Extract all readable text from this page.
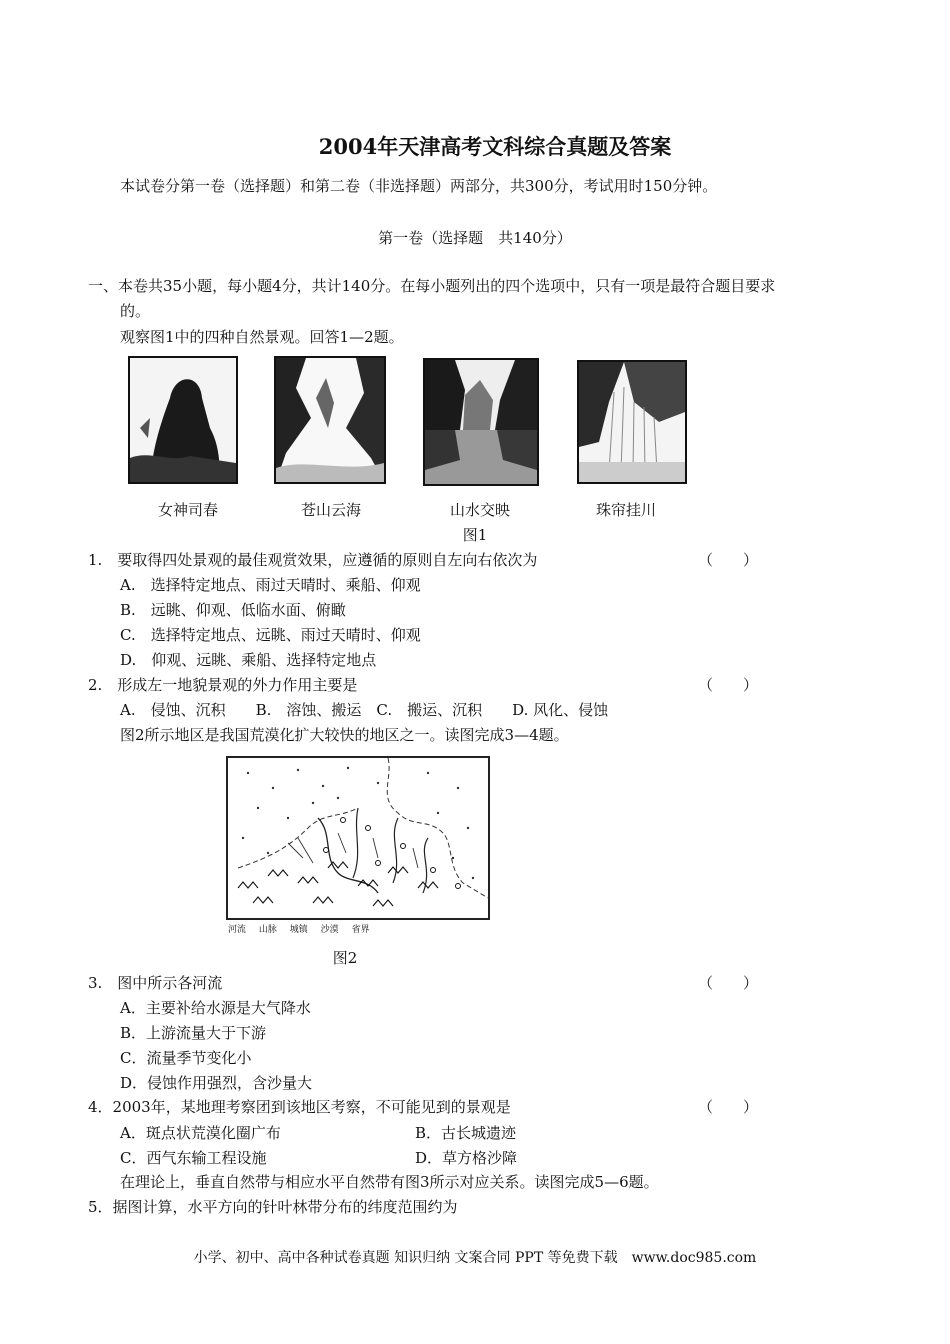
2004年天津高考文科综合真题及答案
本试卷分第一卷（选择题）和第二卷（非选择题）两部分，共300分，考试用时150分钟。
第一卷（选择题　共140分）
一、本卷共35小题，每小题4分，共计140分。在每小题列出的四个选项中，只有一项是最符合题目要求
的。
观察图1中的四种自然景观。回答1—2题。
女神司春	苍山云海	山水交映	珠帘挂川
图1
1.　要取得四处景观的最佳观赏效果，应遵循的原则自左向右依次为	（　　）
A.　选择特定地点、雨过天晴时、乘船、仰观
B.　远眺、仰观、低临水面、俯瞰
C.　选择特定地点、远眺、雨过天晴时、仰观
D.　仰观、远眺、乘船、选择特定地点
2.　形成左一地貌景观的外力作用主要是	（　　）
A.　侵蚀、沉积　　B.　溶蚀、搬运　C.　搬运、沉积　　D. 风化、侵蚀
图2所示地区是我国荒漠化扩大较快的地区之一。读图完成3—4题。
河流 山脉 城镇 沙漠 省界
图2
3.　图中所示各河流	（　　）
A．主要补给水源是大气降水
B．上游流量大于下游
C．流量季节变化小
D．侵蚀作用强烈，含沙量大
4．2003年，某地理考察团到该地区考察，不可能见到的景观是	（　　）
A．斑点状荒漠化圈广布	B．古长城遗迹
C．西气东输工程设施	D．草方格沙障
在理论上，垂直自然带与相应水平自然带有图3所示对应关系。读图完成5—6题。
5．据图计算，水平方向的针叶林带分布的纬度范围约为
小学、初中、高中各种试卷真题 知识归纳 文案合同 PPT 等免费下载　www.doc985.com
